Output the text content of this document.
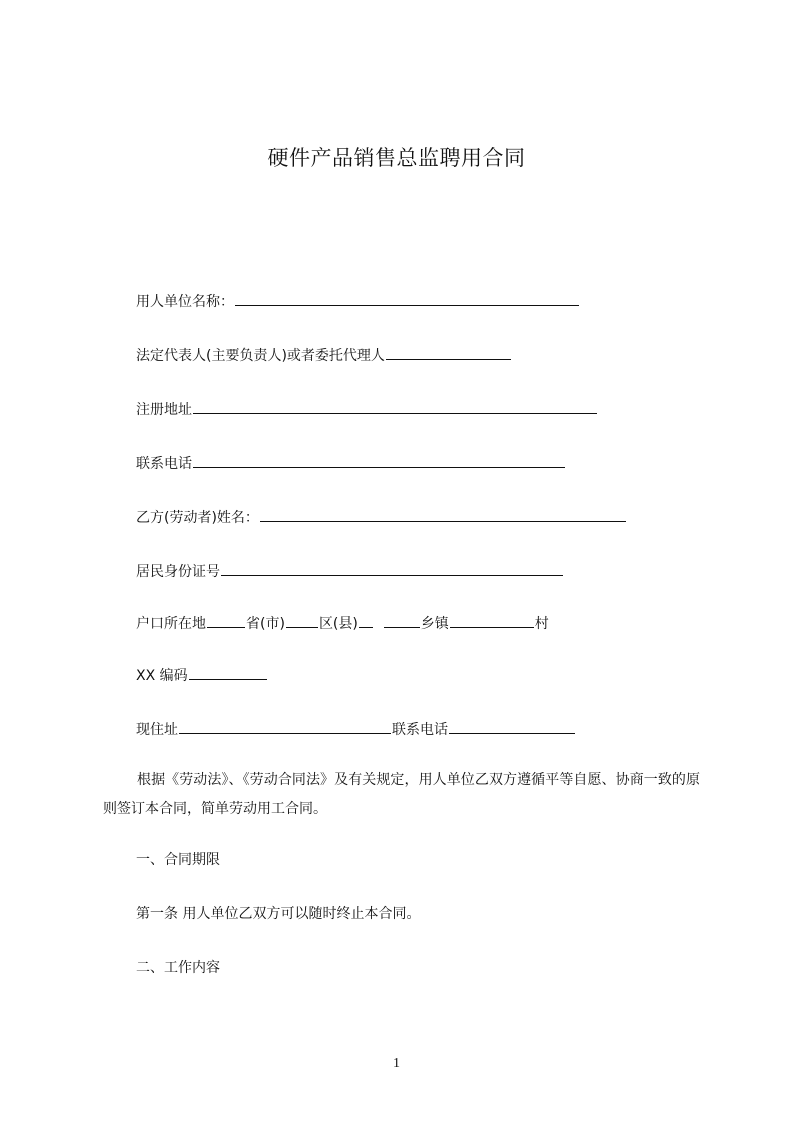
硬件产品销售总监聘用合同
用人单位名称：
法定代表人(主要负责人)或者委托代理人
注册地址
联系电话
乙方(劳动者)姓名：
居民身份证号
户口所在地	省(市) 区(县)	乡镇	村
XX 编码
现住址	联系电话
根据《劳动法》、《劳动合同法》及有关规定，用人单位乙双方遵循平等自愿、协商一致的原则签订本合同，简单劳动用工合同。
一、合同期限
第一条 用人单位乙双方可以随时终止本合同。
二、工作内容
1
